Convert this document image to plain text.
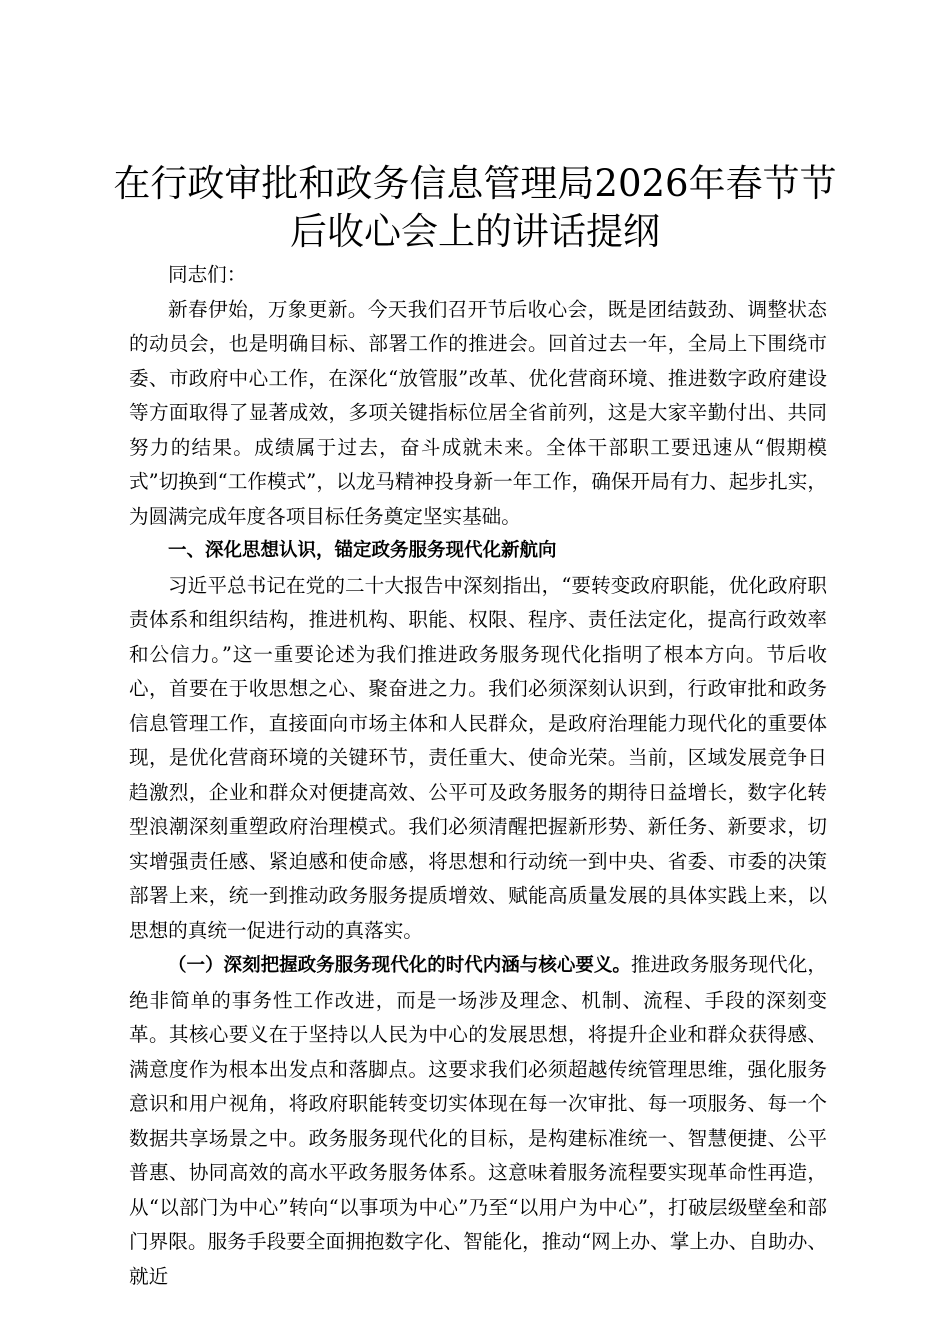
在行政审批和政务信息管理局2026年春节节
后收心会上的讲话提纲

同志们：

新春伊始，万象更新。今天我们召开节后收心会，既是团结鼓劲、调整状态的动员会，也是明确目标、部署工作的推进会。回首过去一年，全局上下围绕市委、市政府中心工作，在深化“放管服”改革、优化营商环境、推进数字政府建设等方面取得了显著成效，多项关键指标位居全省前列，这是大家辛勤付出、共同努力的结果。成绩属于过去，奋斗成就未来。全体干部职工要迅速从“假期模式”切换到“工作模式”，以龙马精神投身新一年工作，确保开局有力、起步扎实，为圆满完成年度各项目标任务奠定坚实基础。

一、深化思想认识，锚定政务服务现代化新航向

习近平总书记在党的二十大报告中深刻指出，“要转变政府职能，优化政府职责体系和组织结构，推进机构、职能、权限、程序、责任法定化，提高行政效率和公信力。”这一重要论述为我们推进政务服务现代化指明了根本方向。节后收心，首要在于收思想之心、聚奋进之力。我们必须深刻认识到，行政审批和政务信息管理工作，直接面向市场主体和人民群众，是政府治理能力现代化的重要体现，是优化营商环境的关键环节，责任重大、使命光荣。当前，区域发展竞争日趋激烈，企业和群众对便捷高效、公平可及政务服务的期待日益增长，数字化转型浪潮深刻重塑政府治理模式。我们必须清醒把握新形势、新任务、新要求，切实增强责任感、紧迫感和使命感，将思想和行动统一到中央、省委、市委的决策部署上来，统一到推动政务服务提质增效、赋能高质量发展的具体实践上来，以思想的真统一促进行动的真落实。

（一）深刻把握政务服务现代化的时代内涵与核心要义。推进政务服务现代化，绝非简单的事务性工作改进，而是一场涉及理念、机制、流程、手段的深刻变革。其核心要义在于坚持以人民为中心的发展思想，将提升企业和群众获得感、满意度作为根本出发点和落脚点。这要求我们必须超越传统管理思维，强化服务意识和用户视角，将政府职能转变切实体现在每一次审批、每一项服务、每一个数据共享场景之中。政务服务现代化的目标，是构建标准统一、智慧便捷、公平普惠、协同高效的高水平政务服务体系。这意味着服务流程要实现革命性再造，从“以部门为中心”转向“以事项为中心”乃至“以用户为中心”，打破层级壁垒和部门界限。服务手段要全面拥抱数字化、智能化，推动“网上办、掌上办、自助办、就近
